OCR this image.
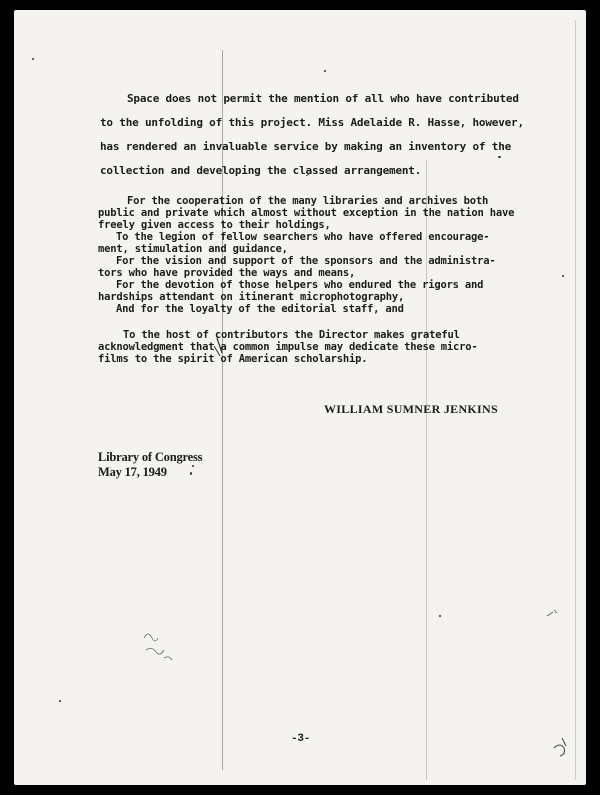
Space does not permit the mention of all who have contributed
to the unfolding of this project. Miss Adelaide R. Hasse, however,
has rendered an invaluable service by making an inventory of the
collection and developing the classed arrangement.
For the cooperation of the many libraries and archives both
public and private which almost without exception in the nation have
freely given access to their holdings,
To the legion of fellow searchers who have offered encourage-
ment, stimulation and guidance,
For the vision and support of the sponsors and the administra-
tors who have provided the ways and means,
For the devotion of those helpers who endured the rigors and
hardships attendant on itinerant microphotography,
And for the loyalty of the editorial staff, and
To the host of contributors the Director makes grateful
acknowledgment that a common impulse may dedicate these micro-
films to the spirit of American scholarship.
WILLIAM SUMNER JENKINS
Library of Congress
May 17, 1949
-3-
